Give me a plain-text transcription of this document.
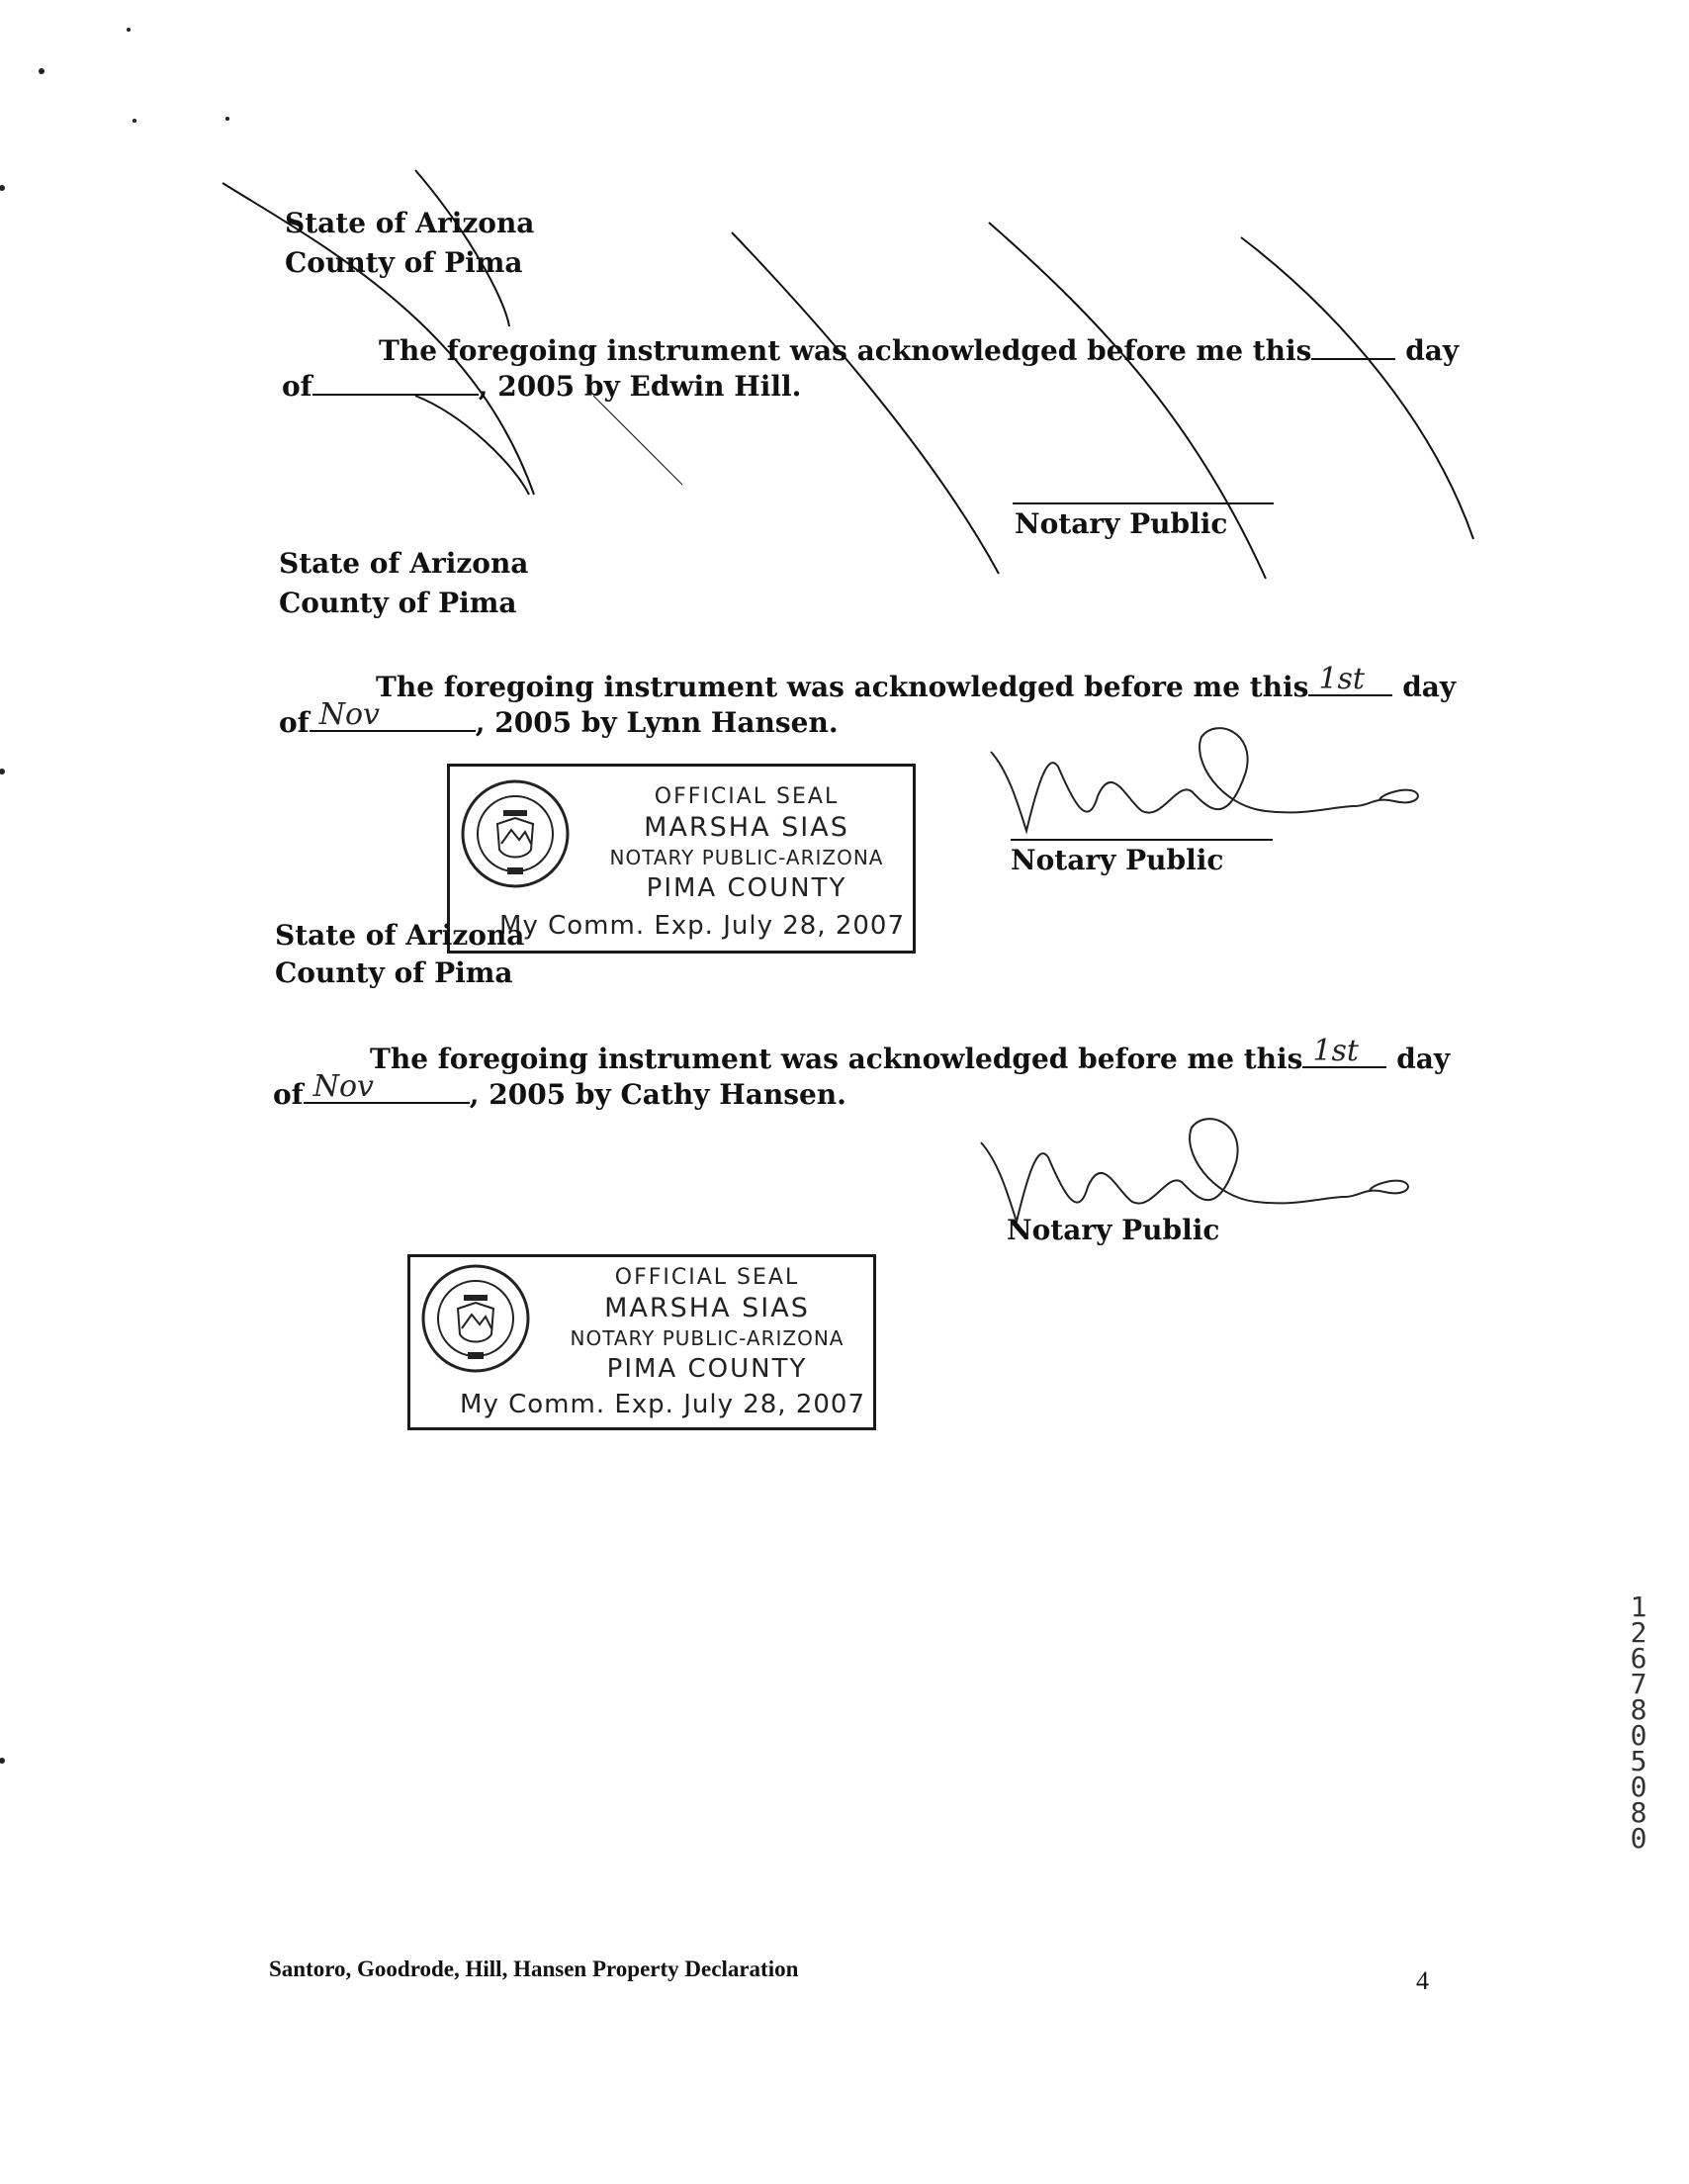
State of Arizona
County of Pima
The foregoing instrument was acknowledged before me this	day
of	, 2005 by Edwin Hill.
Notary Public
State of Arizona
County of Pima
The foregoing instrument was acknowledged before me this 1st day
of Nov	, 2005 by Lynn Hansen.
Notary Public
OFFICIAL SEAL
MARSHA SIAS
NOTARY PUBLIC-ARIZONA
PIMA COUNTY
My Comm. Exp. July 28, 2007
State of Arizona
County of Pima
The foregoing instrument was acknowledged before me this 1st day
of Nov	, 2005 by Cathy Hansen.
Notary Public
OFFICIAL SEAL
MARSHA SIAS
NOTARY PUBLIC-ARIZONA
PIMA COUNTY
My Comm. Exp. July 28, 2007
12678 05080
Santoro, Goodrode, Hill, Hansen Property Declaration	4
